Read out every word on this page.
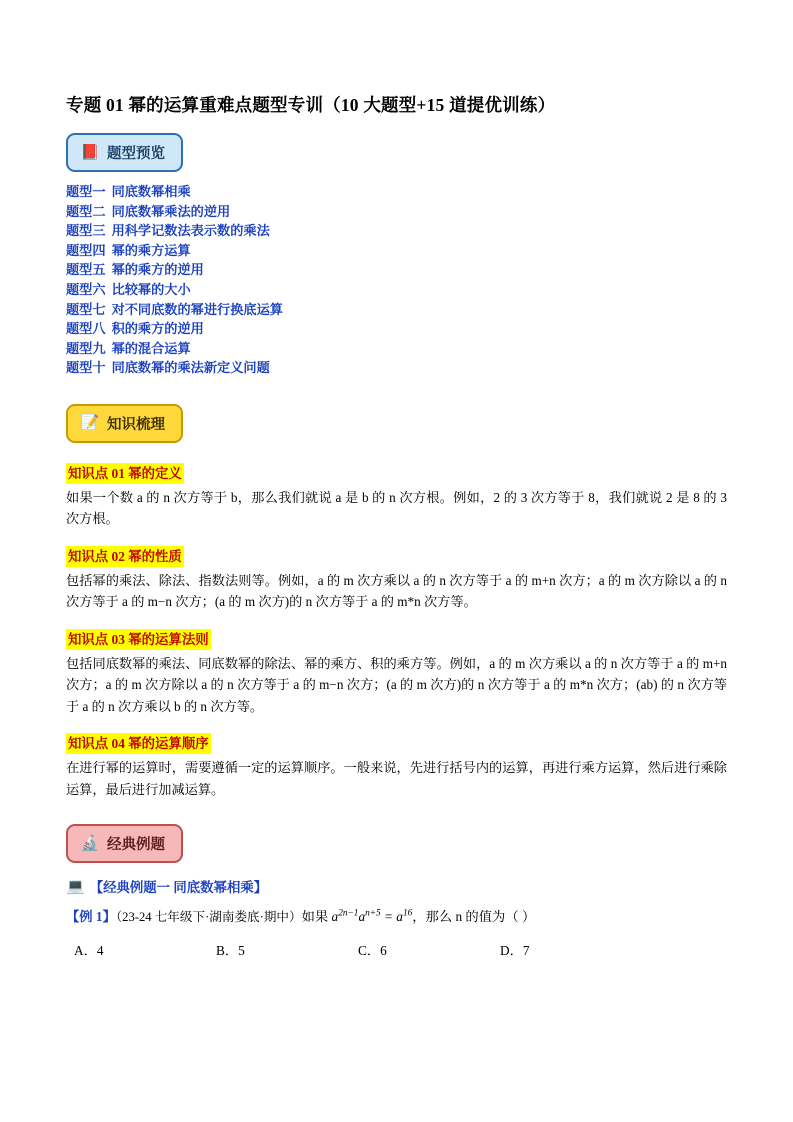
专题 01 幂的运算重难点题型专训（10 大题型+15 道提优训练）
📕 题型预览
题型一 同底数幂相乘
题型二 同底数幂乘法的逆用
题型三 用科学记数法表示数的乘法
题型四 幂的乘方运算
题型五 幂的乘方的逆用
题型六 比较幂的大小
题型七 对不同底数的幂进行换底运算
题型八 积的乘方的逆用
题型九 幂的混合运算
题型十 同底数幂的乘法新定义问题
📝 知识梳理
知识点 01 幂的定义

如果一个数 a 的 n 次方等于 b，那么我们就说 a 是 b 的 n 次方根。例如，2 的 3 次方等于 8，我们就说 2 是 8 的 3 次方根。

知识点 02 幂的性质

包括幂的乘法、除法、指数法则等。例如，a 的 m 次方乘以 a 的 n 次方等于 a 的 m+n 次方；a 的 m 次方除以 a 的 n 次方等于 a 的 m−n 次方；(a 的 m 次方)的 n 次方等于 a 的 m*n 次方等。

知识点 03 幂的运算法则

包括同底数幂的乘法、同底数幂的除法、幂的乘方、积的乘方等。例如，a 的 m 次方乘以 a 的 n 次方等于 a 的 m+n 次方；a 的 m 次方除以 a 的 n 次方等于 a 的 m−n 次方；(a 的 m 次方)的 n 次方等于 a 的 m*n 次方；(ab) 的 n 次方等于 a 的 n 次方乘以 b 的 n 次方等。

知识点 04 幂的运算顺序

在进行幂的运算时，需要遵循一定的运算顺序。一般来说，先进行括号内的运算，再进行乘方运算，然后进行乘除运算，最后进行加减运算。

🔬 经典例题
💻 【经典例题一 同底数幂相乘】

【例 1】（23-24 七年级下·湖南娄底·期中）如果 $a^{2n-1}a^{n+5} = a^{16}$，那么 n 的值为（ ）

A．4	B．5	C．6	D．7
